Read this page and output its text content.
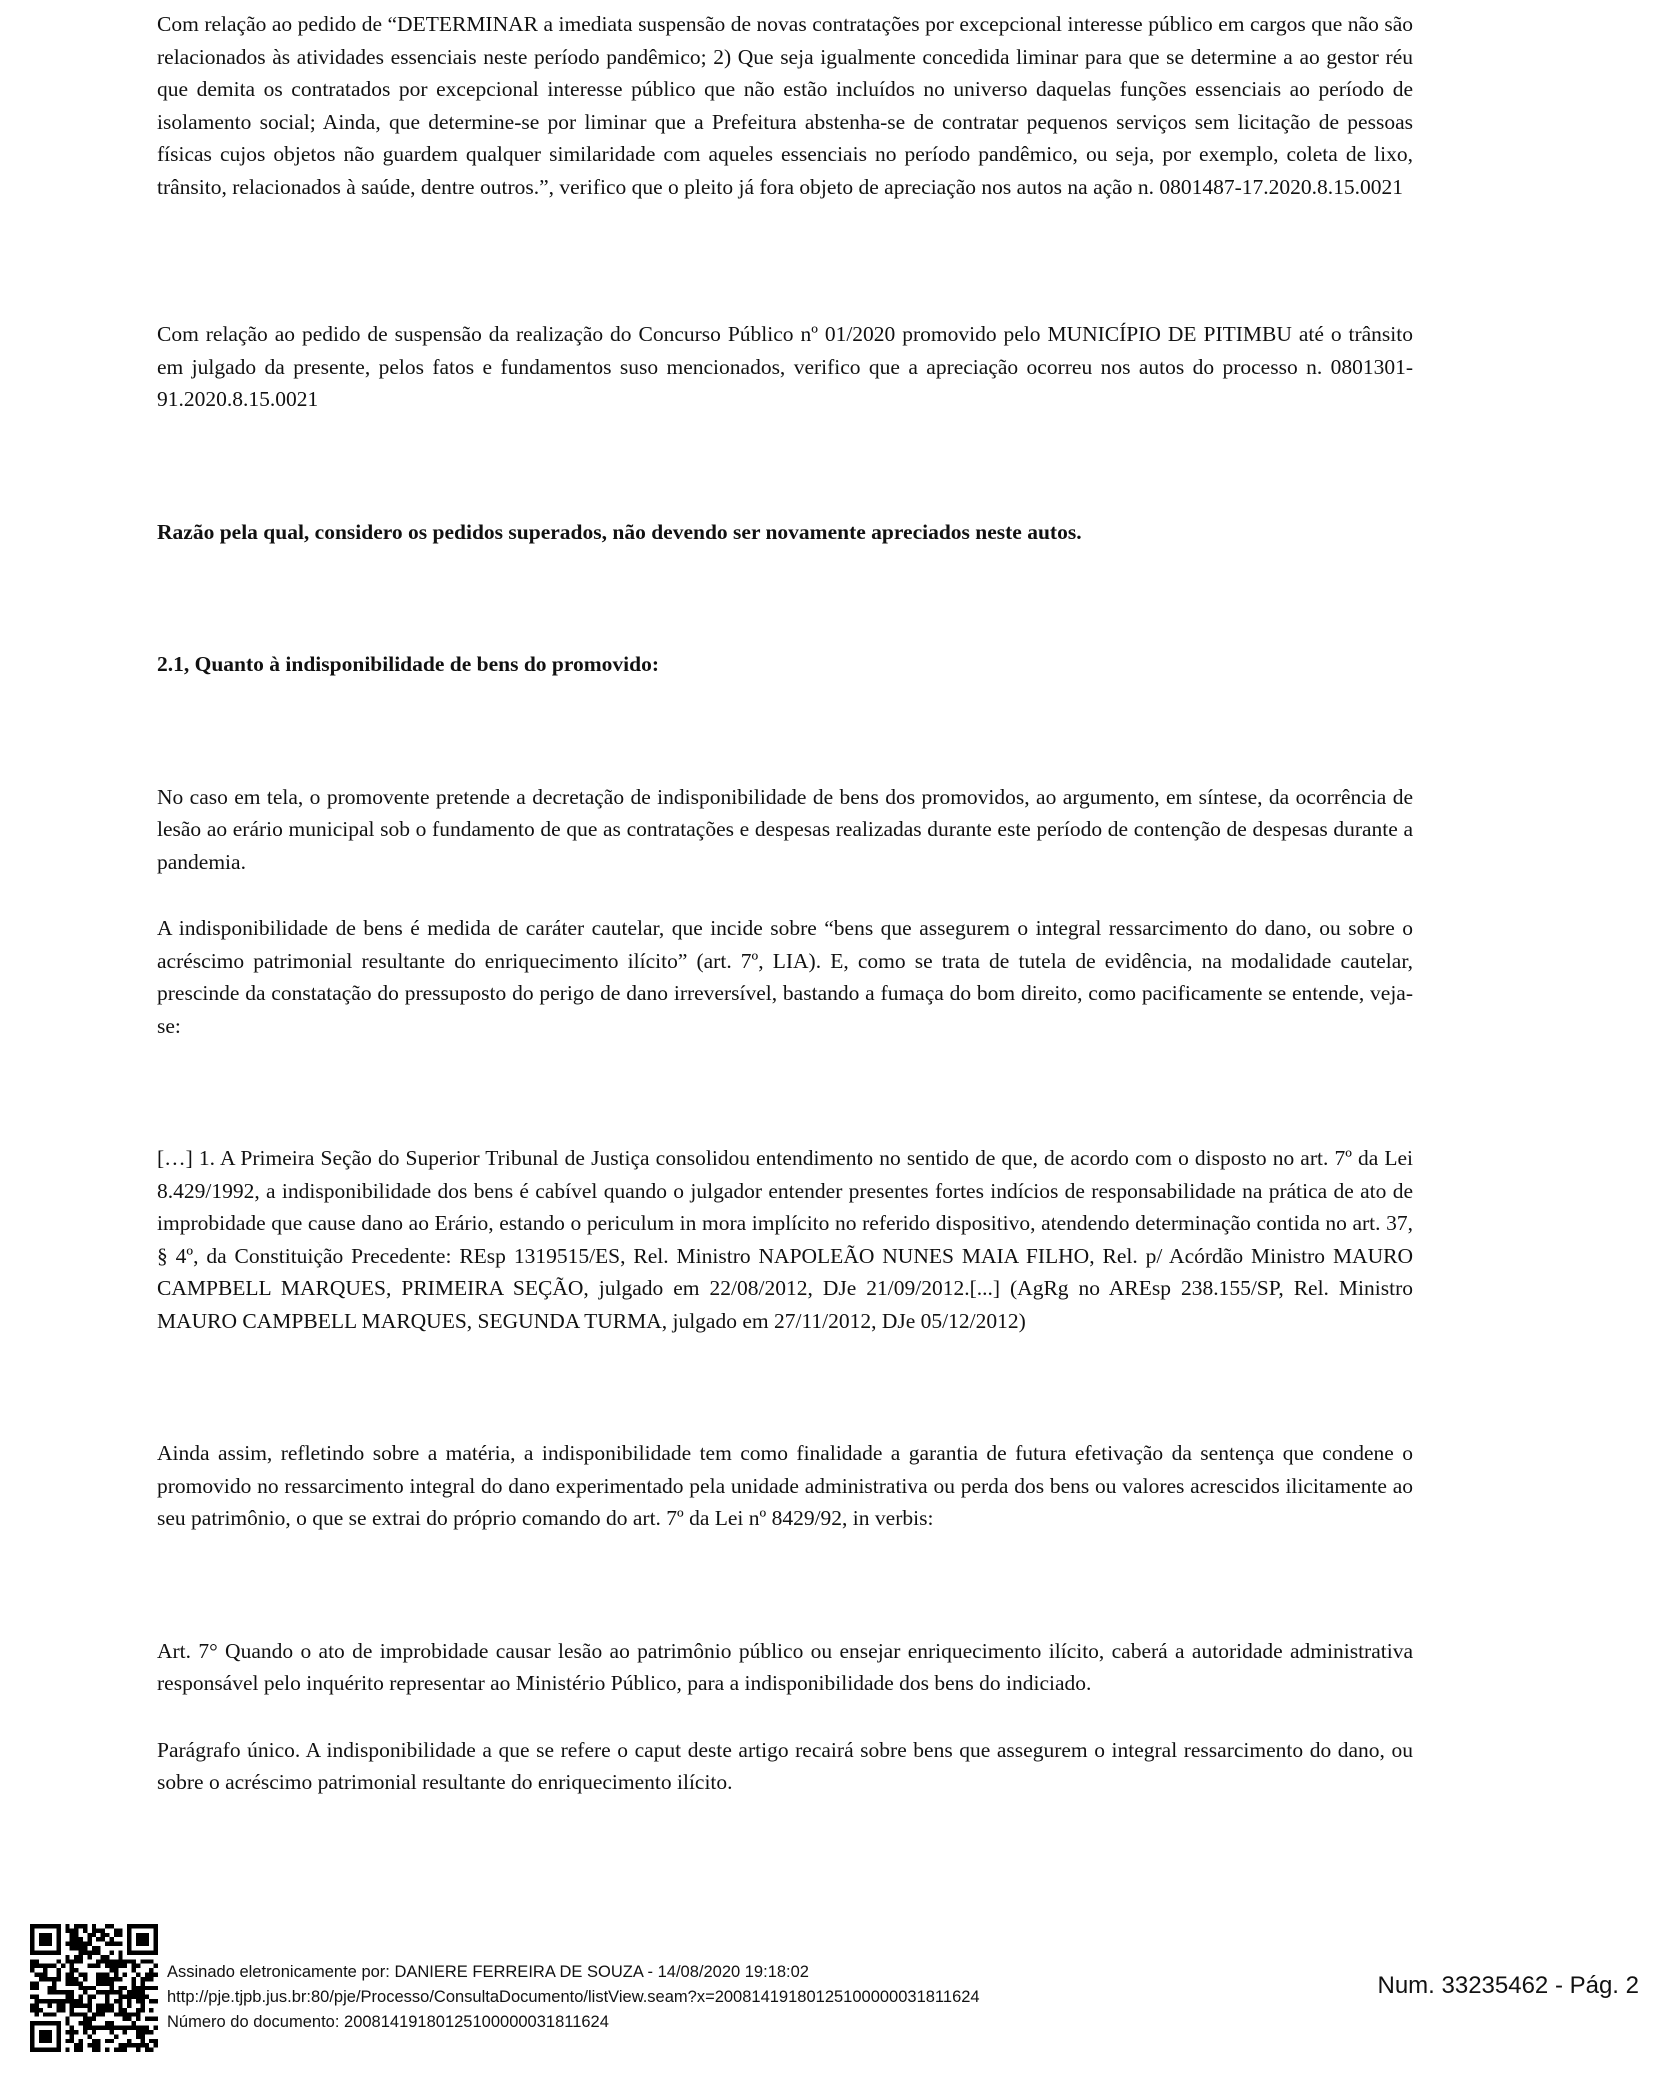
Com relação ao pedido de “DETERMINAR a imediata suspensão de novas contratações por excepcional interesse público em cargos que não são relacionados às atividades essenciais neste período pandêmico; 2) Que seja igualmente concedida liminar para que se determine a ao gestor réu que demita os contratados por excepcional interesse público que não estão incluídos no universo daquelas funções essenciais ao período de isolamento social; Ainda, que determine-se por liminar que a Prefeitura abstenha-se de contratar pequenos serviços sem licitação de pessoas físicas cujos objetos não guardem qualquer similaridade com aqueles essenciais no período pandêmico, ou seja, por exemplo, coleta de lixo, trânsito, relacionados à saúde, dentre outros.”, verifico que o pleito já fora objeto de apreciação nos autos na ação n. 0801487-17.2020.8.15.0021

Com relação ao pedido de suspensão da realização do Concurso Público nº 01/2020 promovido pelo MUNICÍPIO DE PITIMBU até o trânsito em julgado da presente, pelos fatos e fundamentos suso mencionados, verifico que a apreciação ocorreu nos autos do processo n. 0801301-91.2020.8.15.0021

Razão pela qual, considero os pedidos superados, não devendo ser novamente apreciados neste autos.

2.1, Quanto à indisponibilidade de bens do promovido:

No caso em tela, o promovente pretende a decretação de indisponibilidade de bens dos promovidos, ao argumento, em síntese, da ocorrência de lesão ao erário municipal sob o fundamento de que as contratações e despesas realizadas durante este período de contenção de despesas durante a pandemia.

A indisponibilidade de bens é medida de caráter cautelar, que incide sobre “bens que assegurem o integral ressarcimento do dano, ou sobre o acréscimo patrimonial resultante do enriquecimento ilícito” (art. 7º, LIA). E, como se trata de tutela de evidência, na modalidade cautelar, prescinde da constatação do pressuposto do perigo de dano irreversível, bastando a fumaça do bom direito, como pacificamente se entende, veja-se:

[…] 1. A Primeira Seção do Superior Tribunal de Justiça consolidou entendimento no sentido de que, de acordo com o disposto no art. 7º da Lei 8.429/1992, a indisponibilidade dos bens é cabível quando o julgador entender presentes fortes indícios de responsabilidade na prática de ato de improbidade que cause dano ao Erário, estando o periculum in mora implícito no referido dispositivo, atendendo determinação contida no art. 37, § 4º, da Constituição Precedente: REsp 1319515/ES, Rel. Ministro NAPOLEÃO NUNES MAIA FILHO, Rel. p/ Acórdão Ministro MAURO CAMPBELL MARQUES, PRIMEIRA SEÇÃO, julgado em 22/08/2012, DJe 21/09/2012.[...] (AgRg no AREsp 238.155/SP, Rel. Ministro MAURO CAMPBELL MARQUES, SEGUNDA TURMA, julgado em 27/11/2012, DJe 05/12/2012)

Ainda assim, refletindo sobre a matéria, a indisponibilidade tem como finalidade a garantia de futura efetivação da sentença que condene o promovido no ressarcimento integral do dano experimentado pela unidade administrativa ou perda dos bens ou valores acrescidos ilicitamente ao seu patrimônio, o que se extrai do próprio comando do art. 7º da Lei nº 8429/92, in verbis:

Art. 7° Quando o ato de improbidade causar lesão ao patrimônio público ou ensejar enriquecimento ilícito, caberá a autoridade administrativa responsável pelo inquérito representar ao Ministério Público, para a indisponibilidade dos bens do indiciado.

Parágrafo único. A indisponibilidade a que se refere o caput deste artigo recairá sobre bens que assegurem o integral ressarcimento do dano, ou sobre o acréscimo patrimonial resultante do enriquecimento ilícito.

Assinado eletronicamente por: DANIERE FERREIRA DE SOUZA - 14/08/2020 19:18:02
http://pje.tjpb.jus.br:80/pje/Processo/ConsultaDocumento/listView.seam?x=20081419180125100000031811624
Número do documento: 20081419180125100000031811624
Num. 33235462 - Pág. 2
